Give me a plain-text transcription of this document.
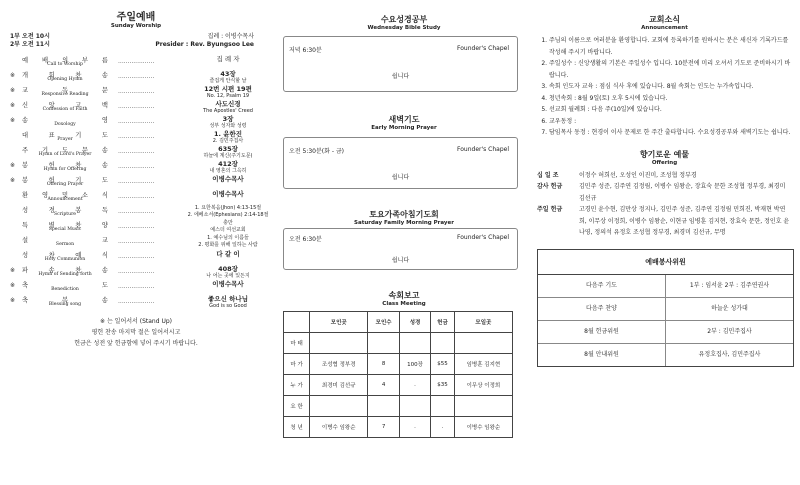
주일예배
Sunday Worship
1부 오전 10시
2부 오전 11시
집례 : 이병수목사
Presider : Rev. Byungsoo Lee
예 배 의 부 름
Call to Worship	...................	집 례 자
※ 개	회	찬	송
Opening Hymn	...................	43장
즐겁게 안식할 날
※ 교	독	문
Responsive Reading	...................	12번 시편 19편
No. 12, Psalm 19
※ 신	앙	고	백
Confession of Faith	...................	사도신경
The Apostles' Creed
※ 송	영
Doxology	...................	3장
성부 성자와 성령
대	표	기	도
Prayer	...................	1. 윤한진
2. 김민주집사
주 기 도 문 송
Hymn of Lord's Prayer	...................	635장
하늘에 계신(주기도문)
※ 봉	헌	찬	송
Hymn for Offering	...................	412장
내 영혼의 그윽히
※ 봉	헌	기	도
Offering Prayer	...................	이병수목사
환 영 및 소 식
Announcement	...................	이병수목사
성	경	봉	독
Scripture	...................	1. 요한복음(Jhon) 4:13-15절
2. 에베소서(Ephesians) 2:14-18절
특	별	찬	양
Special Music	...................	충만
예스더 여선교회
설	교
Sermon	...................	1. 예수님의 이름들
2. 평화를 위해 일하는 사람
성	찬	예	식
Holy Communion	...................	다 같 이
※ 파	송	찬	송
Hymn of Sending forth	...................	408장
나 어는 곳에 있든지
※ 축	도
Benediction	...................	이병수목사
※ 축	복	송
Blessing song	...................	좋으신 하나님
God is so Good
※ 는 일어서서 (Stand Up)
평헌 찬송 마지막 절은 일어서시고
헌금은 성전 앞 헌금함에 넣어 주시기 바랍니다.
수요성경공부
Wednesday Bible Study
저녁 6:30분	Founder's Chapel
쉽니다
새벽기도
Early Morning Prayer
오전 5:30분(화 - 금)	Founder's Chapel
쉽니다
토요가족아침기도회
Saturday Family Morning Prayer
오전 6:30분	Founder's Chapel
쉽니다
속회보고
Class Meeting
	모인곳	모인수	성경	헌금	모일곳
마 태					
마 가	조성협 정부경	8	100장	$55	임병훈 김지현
누 가	최경미 김선규	4	.	$35	이무상 이정희
요 한					
청 년	이병수 임왕순	7	.	.	이병수 임왕순
교회소식
Announcement
1. 주님의 이름으로 여러분을 환영합니다. 교회에 등록하기를 원하시는 분은 새신자 기록카드를 작성해 주시기 바랍니다.
2. 주일성수 : 신앙생활의 기본은 주일성수 입니다. 10분전에 미리 오셔서 기도로 준비하시기 바랍니다.
3. 속회 인도자 교육 : 점심 식사 후에 있습니다. 8월 속회는 인도는 누가속입니다.
4. 청년속회 : 8월 9일(토) 오후 5시에 있습니다.
5. 선교회 월례회 : 다음 주(10일)에 있습니다.
6. 교우동정 :
7. 담임목사 동정 : 현경이 이사 문제로 한 주간 출타합니다. 수요성경공부와 새벽기도는 쉽니다.
향기로운 예물
Offering
십 일 조	이정수 허희선, 오성인 이진미, 조성협 정부경
감사 헌금	김민주 성준, 김주연 김정림, 이병수 임왕순, 장효숙 문한 조성협 정부경, 최경미 김선규
주일 헌금	고경민 윤수현, 김만상 정지나, 김민주 성준, 김주연 김정림 민희진, 박재현 박연희, 이무상 이정희, 이병수 임왕순, 이현규 임병훈 김지현, 장효숙 문한, 정인호 윤나영, 정의석 유정호 조성협 정부경, 최경미 김선규, 무명
예배봉사위원
다음주 기도	1부 : 임서윤 2부 : 김주연권사
다음주 찬양	하늘운 성가대
8월 헌금위원	2부 : 김민주집사
8월 안내위원	유정호집사, 김민주집사
